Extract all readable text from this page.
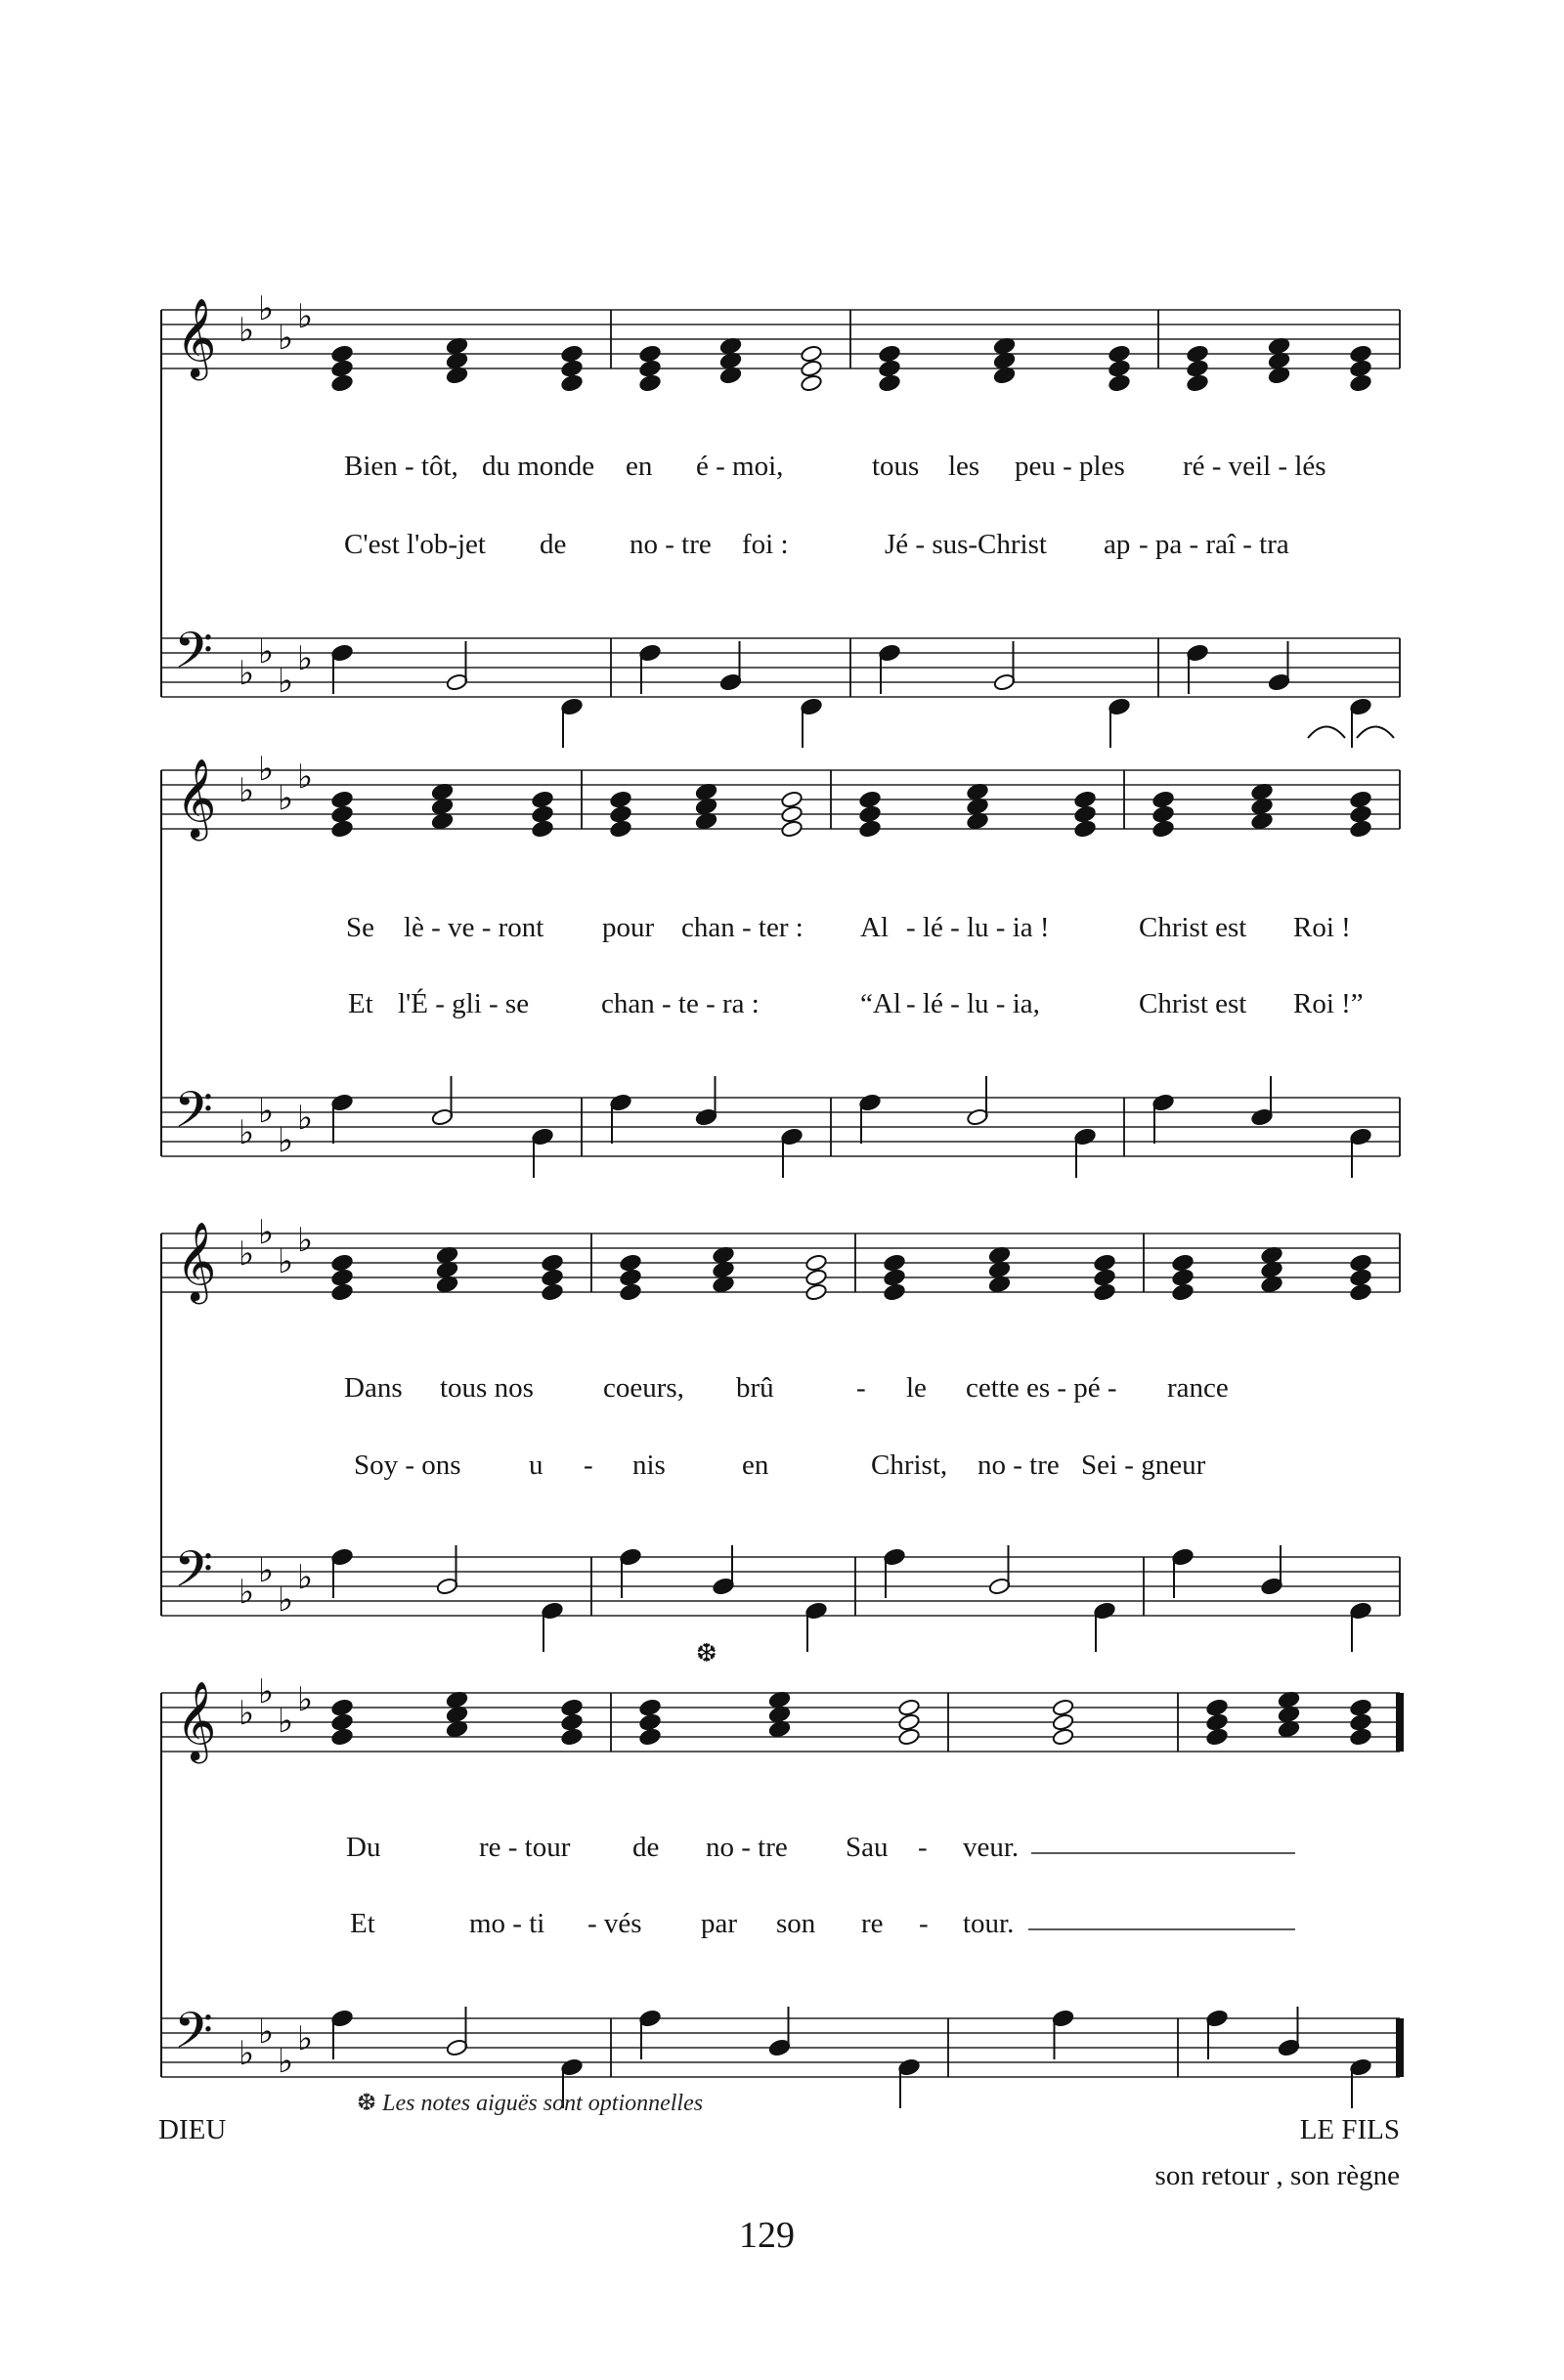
𝄞
𝄢
♭
♭
♭
♭
♭
♭
♭
♭
𝄞
𝄢
♭
♭
♭
♭
♭
♭
♭
♭
𝄞
𝄢
♭
♭
♭
♭
♭
♭
♭
♭
𝄞
𝄢
♭
♭
♭
♭
♭
♭
♭
♭
❆
Bien - tôt, du monde en é - moi,	tous les peu - ples ré - veil - lés
C'est l'ob-jet de no - tre foi :	Jé - sus-Christ ap - pa - raî - tra
Se lè - ve - ront pour chan - ter : Al - lé - lu - ia !	Christ est Roi !
Et l'É - gli - se	chan - te - ra :	“Al - lé - lu - ia,	Christ est Roi !”
Dans tous nos coeurs, brû	- le cette es - pé - rance
Soy - ons u - nis	en	Christ, no - tre Sei - gneur
Du	re - tour de no - tre Sau - veur.
Et	mo - ti - vés par son re - tour.
❆ Les notes aiguës sont optionnelles
DIEU	LE FILS
son retour , son règne
129
